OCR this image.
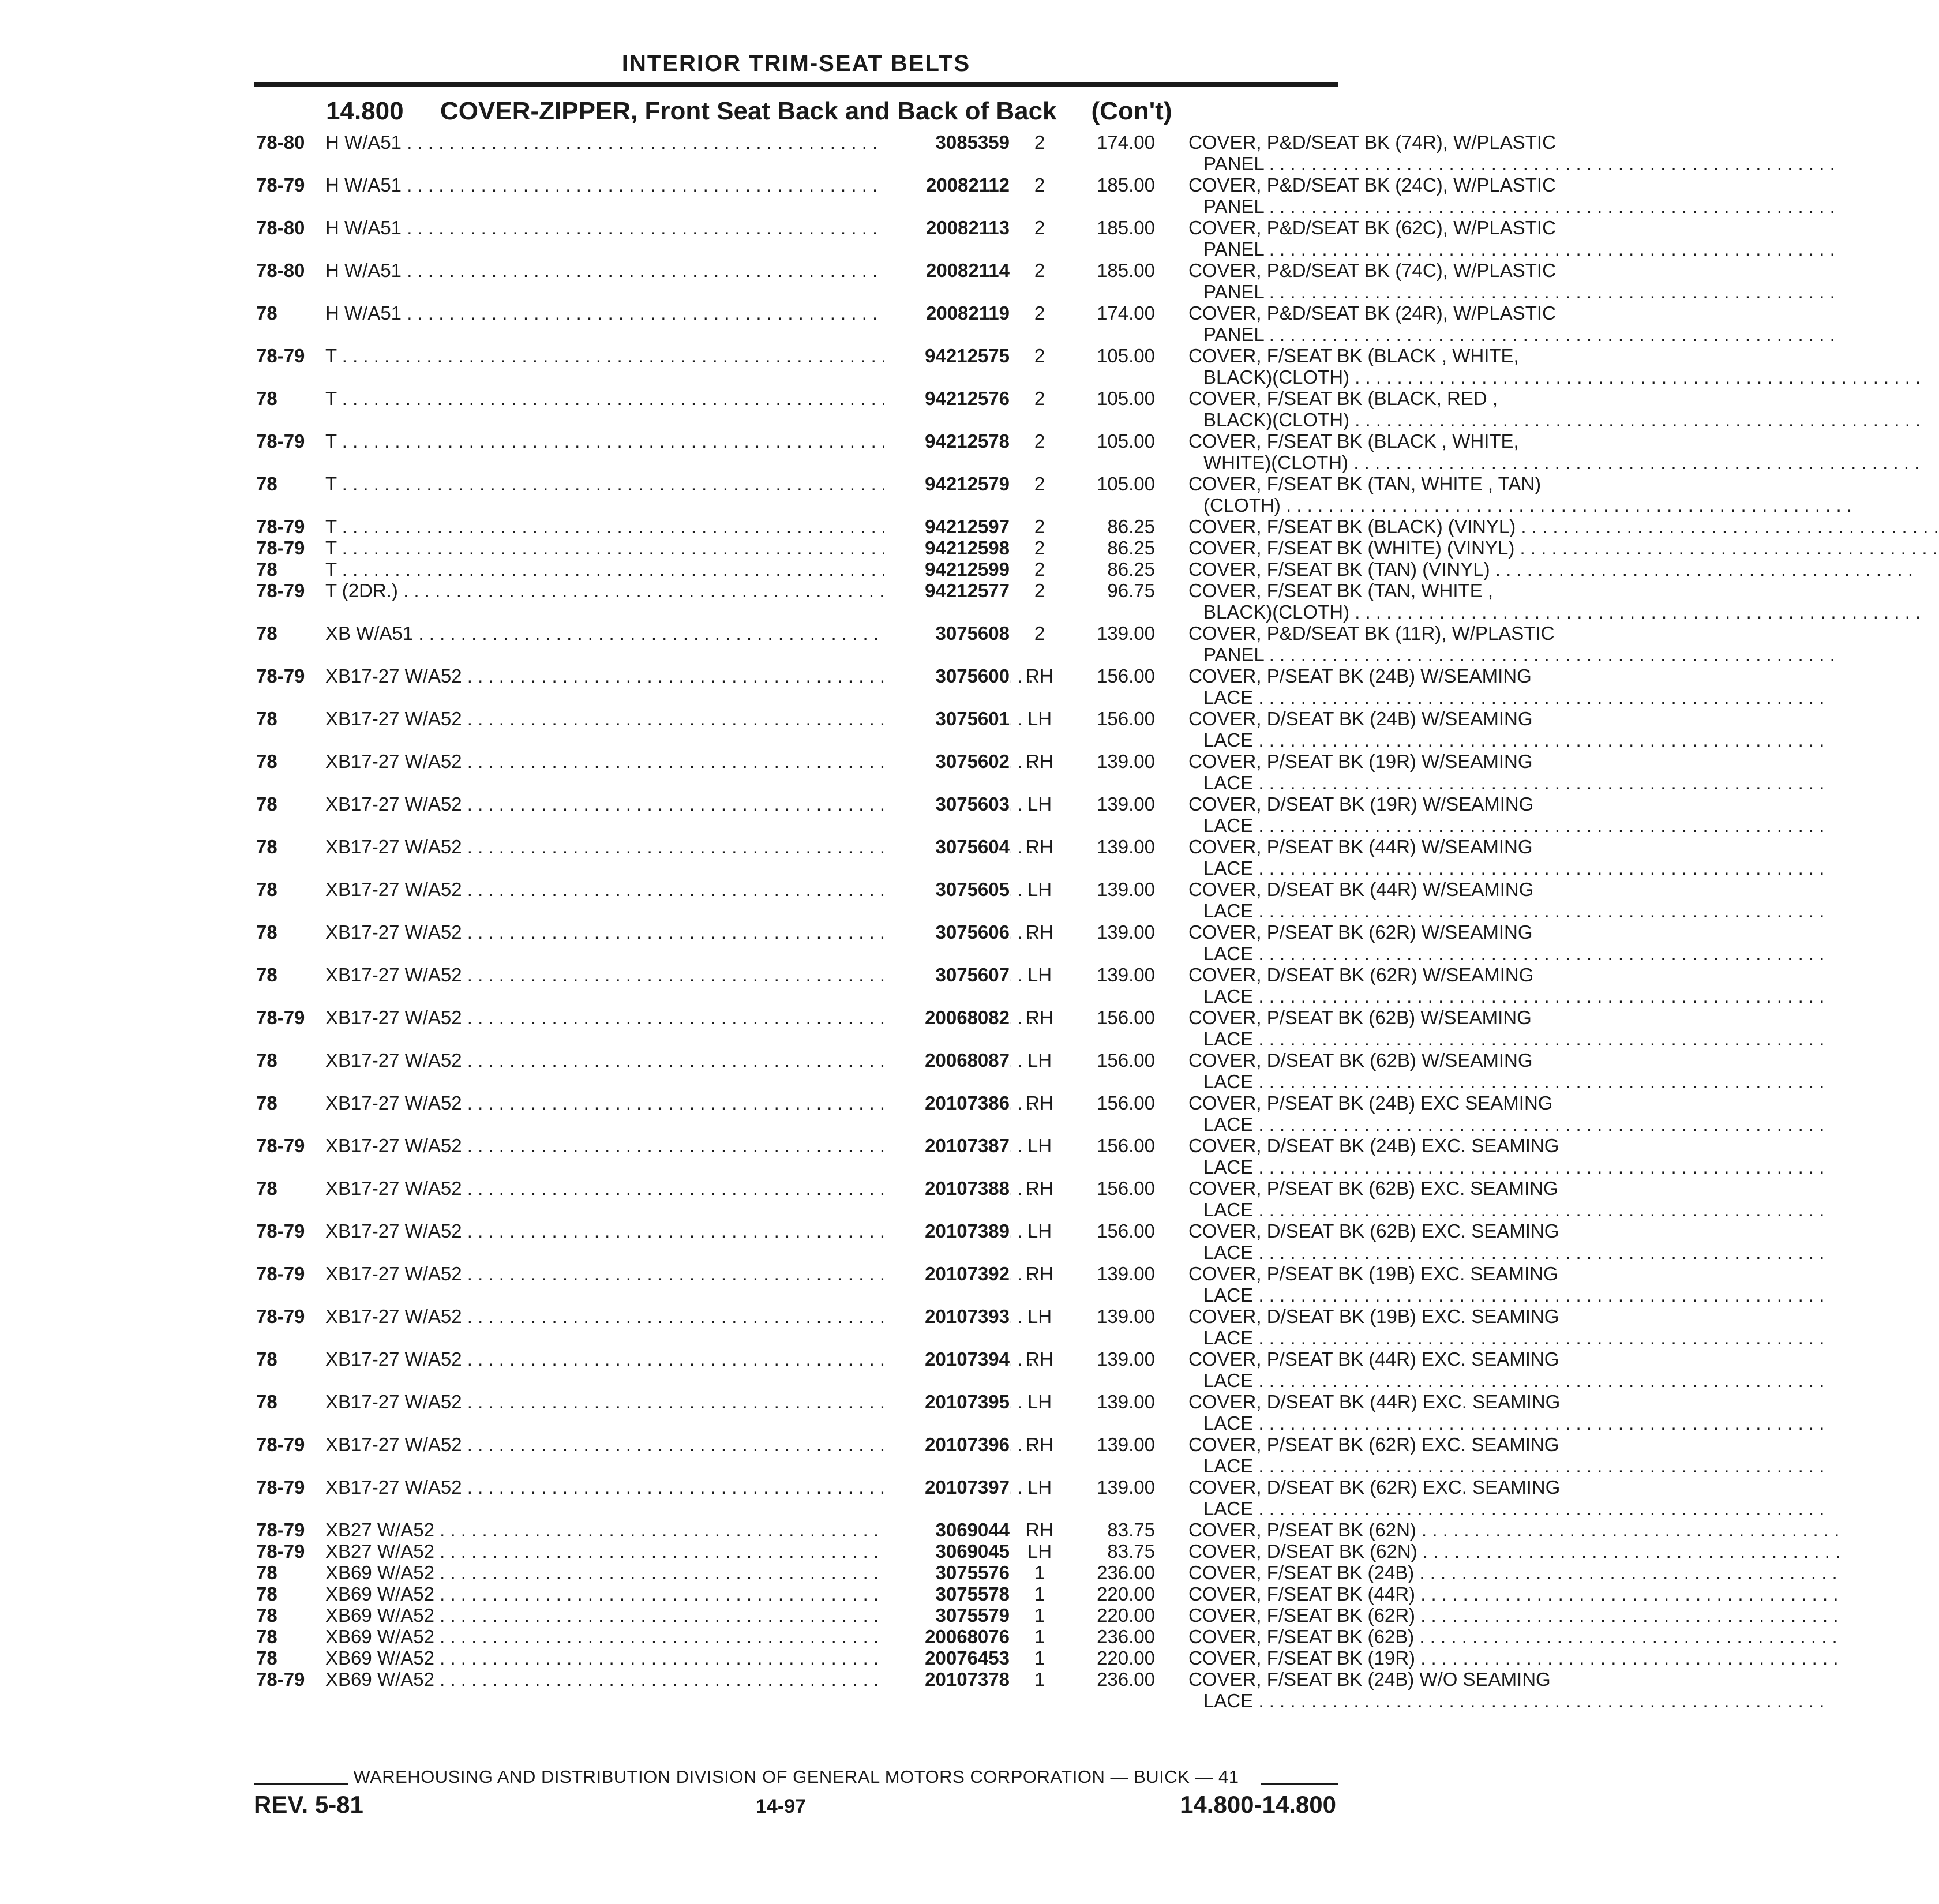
INTERIOR TRIM-SEAT BELTS
14.800 COVER-ZIPPER, Front Seat Back and Back of Back (Con't)
78-80 H W/A51 . . .	3085359	2	174.00 COVER, P&D/SEAT BK (74R), W/PLASTIC
PANEL . . .
78-79 H W/A51 . . .	20082112	2	185.00 COVER, P&D/SEAT BK (24C), W/PLASTIC
PANEL . . .
78-80 H W/A51 . . .	20082113	2	185.00 COVER, P&D/SEAT BK (62C), W/PLASTIC
PANEL . . .
78-80 H W/A51 . . .	20082114	2	185.00 COVER, P&D/SEAT BK (74C), W/PLASTIC
PANEL . . .
78	H W/A51 . . .	20082119	2	174.00 COVER, P&D/SEAT BK (24R), W/PLASTIC
PANEL . . .
78-79 T . . .	94212575	2	105.00 COVER, F/SEAT BK (BLACK , WHITE,
BLACK)(CLOTH) . . .
78	T . . .	94212576	2	105.00 COVER, F/SEAT BK (BLACK, RED ,
BLACK)(CLOTH) . . .
78-79 T . . .	94212578	2	105.00 COVER, F/SEAT BK (BLACK , WHITE,
WHITE)(CLOTH) . . .
78	T . . .	94212579	2	105.00 COVER, F/SEAT BK (TAN, WHITE , TAN)
(CLOTH) . . .
78-79 T . . .	94212597	2	86.25 COVER, F/SEAT BK (BLACK) (VINYL) . . .
78-79 T . . .	94212598	2	86.25 COVER, F/SEAT BK (WHITE) (VINYL) . . .
78	T . . .	94212599	2	86.25 COVER, F/SEAT BK (TAN) (VINYL) . . .
78-79 T (2DR.) . . .	94212577	2	96.75 COVER, F/SEAT BK (TAN, WHITE ,
BLACK)(CLOTH) . . .
78	XB W/A51 . . .	3075608	2	139.00 COVER, P&D/SEAT BK (11R), W/PLASTIC
PANEL . . .
78-79 XB17-27 W/A52 . . .	3075600 RH	156.00 COVER, P/SEAT BK (24B) W/SEAMING
LACE . . .
78	XB17-27 W/A52 . . .	3075601 LH	156.00 COVER, D/SEAT BK (24B) W/SEAMING
LACE . . .
78	XB17-27 W/A52 . . .	3075602 RH	139.00 COVER, P/SEAT BK (19R) W/SEAMING
LACE . . .
78	XB17-27 W/A52 . . .	3075603 LH	139.00 COVER, D/SEAT BK (19R) W/SEAMING
LACE . . .
78	XB17-27 W/A52 . . .	3075604 RH	139.00 COVER, P/SEAT BK (44R) W/SEAMING
LACE . . .
78	XB17-27 W/A52 . . .	3075605 LH	139.00 COVER, D/SEAT BK (44R) W/SEAMING
LACE . . .
78	XB17-27 W/A52 . . .	3075606 RH	139.00 COVER, P/SEAT BK (62R) W/SEAMING
LACE . . .
78	XB17-27 W/A52 . . .	3075607 LH	139.00 COVER, D/SEAT BK (62R) W/SEAMING
LACE . . .
78-79 XB17-27 W/A52 . . .	20068082 RH	156.00 COVER, P/SEAT BK (62B) W/SEAMING
LACE . . .
78	XB17-27 W/A52 . . .	20068087 LH	156.00 COVER, D/SEAT BK (62B) W/SEAMING
LACE . . .
78	XB17-27 W/A52 . . .	20107386 RH	156.00 COVER, P/SEAT BK (24B) EXC SEAMING
LACE . . .
78-79 XB17-27 W/A52 . . .	20107387 LH	156.00 COVER, D/SEAT BK (24B) EXC. SEAMING
LACE . . .
78	XB17-27 W/A52 . . .	20107388 RH	156.00 COVER, P/SEAT BK (62B) EXC. SEAMING
LACE . . .
78-79 XB17-27 W/A52 . . .	20107389 LH	156.00 COVER, D/SEAT BK (62B) EXC. SEAMING
LACE . . .
78-79 XB17-27 W/A52 . . .	20107392 RH	139.00 COVER, P/SEAT BK (19B) EXC. SEAMING
LACE . . .
78-79 XB17-27 W/A52 . . .	20107393 LH	139.00 COVER, D/SEAT BK (19B) EXC. SEAMING
LACE . . .
78	XB17-27 W/A52 . . .	20107394 RH	139.00 COVER, P/SEAT BK (44R) EXC. SEAMING
LACE . . .
78	XB17-27 W/A52 . . .	20107395 LH	139.00 COVER, D/SEAT BK (44R) EXC. SEAMING
LACE . . .
78-79 XB17-27 W/A52 . . .	20107396 RH	139.00 COVER, P/SEAT BK (62R) EXC. SEAMING
LACE . . .
78-79 XB17-27 W/A52 . . .	20107397 LH	139.00 COVER, D/SEAT BK (62R) EXC. SEAMING
LACE . . .
78-79 XB27 W/A52 . . .	3069044 RH	83.75 COVER, P/SEAT BK (62N) . . .
78-79 XB27 W/A52 . . .	3069045 LH	83.75 COVER, D/SEAT BK (62N) . . .
78	XB69 W/A52 . . .	3075576	1	236.00 COVER, F/SEAT BK (24B) . . .
78	XB69 W/A52 . . .	3075578	1	220.00 COVER, F/SEAT BK (44R) . . .
78	XB69 W/A52 . . .	3075579	1	220.00 COVER, F/SEAT BK (62R) . . .
78	XB69 W/A52 . . .	20068076	1	236.00 COVER, F/SEAT BK (62B) . . .
78	XB69 W/A52 . . .	20076453	1	220.00 COVER, F/SEAT BK (19R) . . .
78-79 XB69 W/A52 . . .	20107378	1	236.00 COVER, F/SEAT BK (24B) W/O SEAMING
LACE . . .
WAREHOUSING AND DISTRIBUTION DIVISION OF GENERAL MOTORS CORPORATION — BUICK — 41
REV. 5-81	14-97	14.800-14.800
